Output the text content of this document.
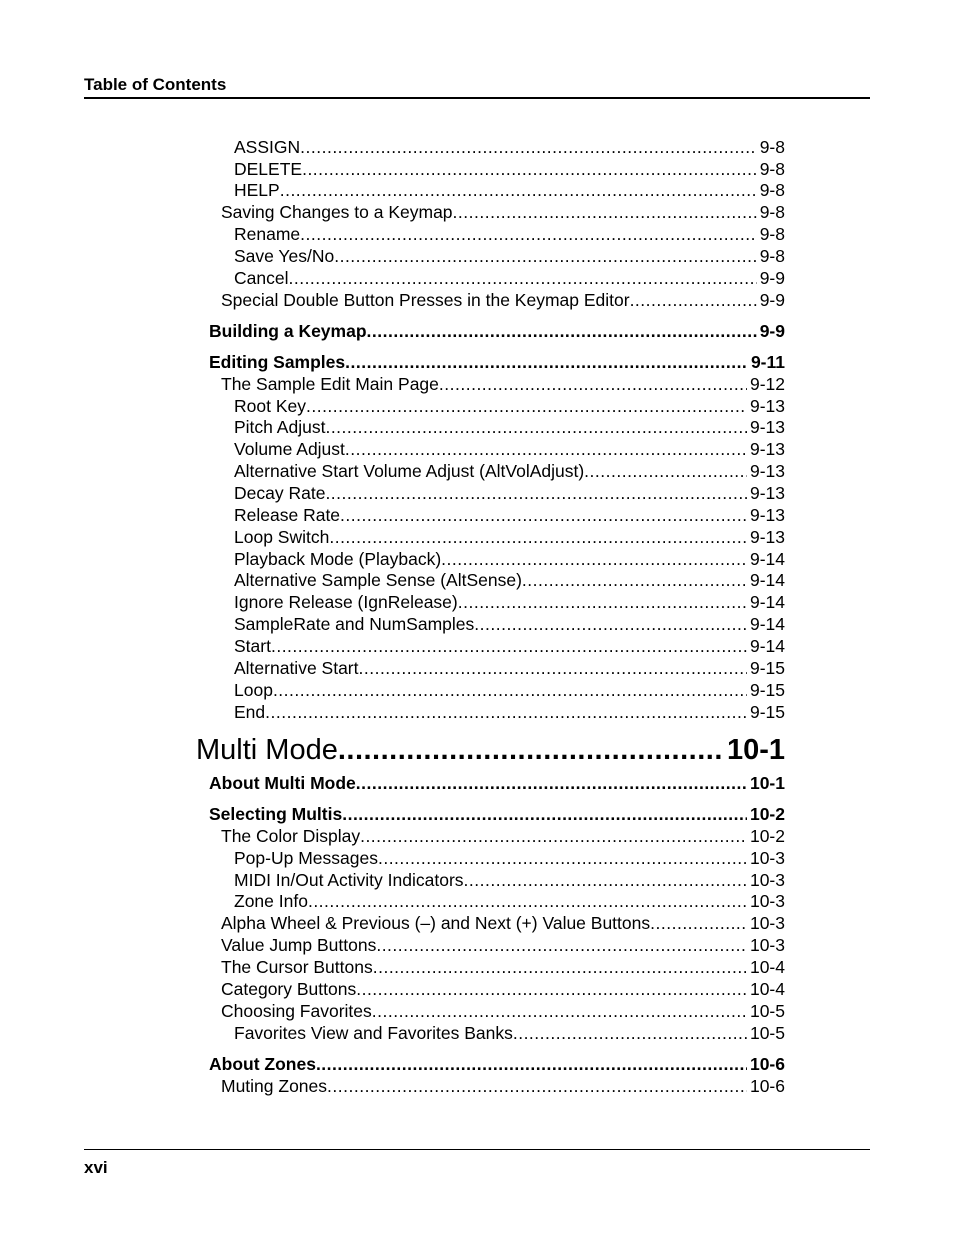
Table of Contents
ASSIGN .....	9-8
DELETE .....	9-8
HELP .....	9-8
Saving Changes to a Keymap .....	9-8
Rename .....	9-8
Save Yes/No .....	9-8
Cancel .....	9-9
Special Double Button Presses in the Keymap Editor .....	9-9
Building a Keymap .....	9-9
Editing Samples .....	9-11
The Sample Edit Main Page .....	9-12
Root Key .....	9-13
Pitch Adjust .....	9-13
Volume Adjust .....	9-13
Alternative Start Volume Adjust (AltVolAdjust) .....	9-13
Decay Rate .....	9-13
Release Rate .....	9-13
Loop Switch .....	9-13
Playback Mode (Playback) .....	9-14
Alternative Sample Sense (AltSense) .....	9-14
Ignore Release (IgnRelease) .....	9-14
SampleRate and NumSamples .....	9-14
Start .....	9-14
Alternative Start .....	9-15
Loop .....	9-15
End .....	9-15
Multi Mode .....	10-1
About Multi Mode .....	10-1
Selecting Multis .....	10-2
The Color Display .....	10-2
Pop-Up Messages .....	10-3
MIDI In/Out Activity Indicators .....	10-3
Zone Info .....	10-3
Alpha Wheel & Previous (–) and Next (+) Value Buttons .....	10-3
Value Jump Buttons .....	10-3
The Cursor Buttons .....	10-4
Category Buttons .....	10-4
Choosing Favorites .....	10-5
Favorites View and Favorites Banks .....	10-5
About Zones .....	10-6
Muting Zones .....	10-6
xvi
